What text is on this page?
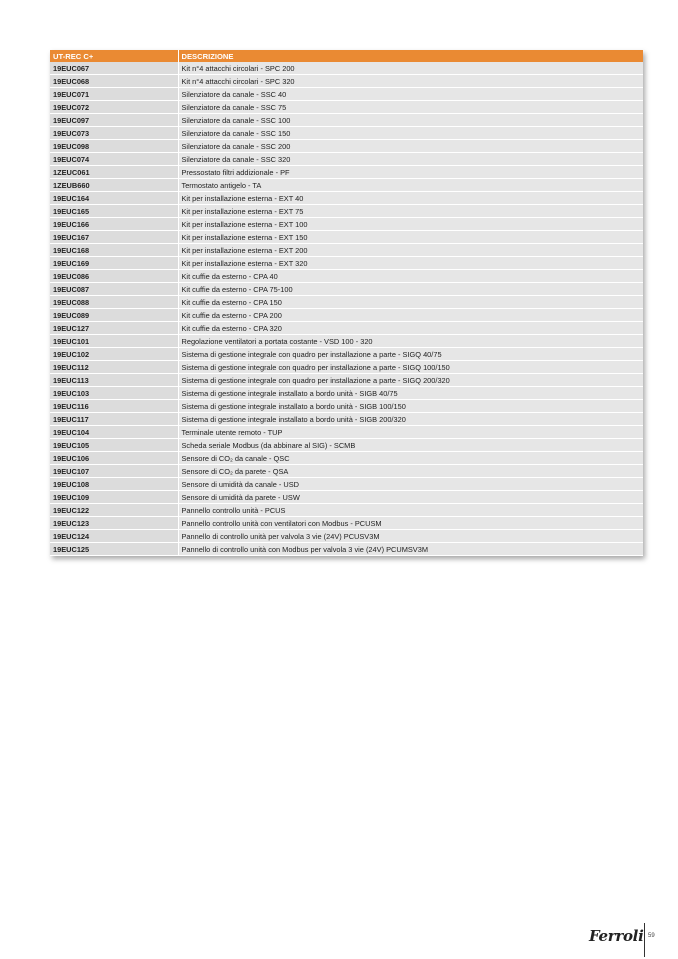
UT-REC C+	DESCRIZIONE
19EUC067	Kit n°4 attacchi circolari - SPC 200
19EUC068	Kit n°4 attacchi circolari - SPC 320
19EUC071	Silenziatore da canale - SSC 40
19EUC072	Silenziatore da canale - SSC 75
19EUC097	Silenziatore da canale - SSC 100
19EUC073	Silenziatore da canale - SSC 150
19EUC098	Silenziatore da canale - SSC 200
19EUC074	Silenziatore da canale - SSC 320
1ZEUC061	Pressostato filtri addizionale - PF
1ZEUB660	Termostato antigelo - TA
19EUC164	Kit per installazione esterna - EXT 40
19EUC165	Kit per installazione esterna - EXT 75
19EUC166	Kit per installazione esterna - EXT 100
19EUC167	Kit per installazione esterna - EXT 150
19EUC168	Kit per installazione esterna - EXT 200
19EUC169	Kit per installazione esterna - EXT 320
19EUC086	Kit cuffie da esterno - CPA 40
19EUC087	Kit cuffie da esterno - CPA 75-100
19EUC088	Kit cuffie da esterno - CPA 150
19EUC089	Kit cuffie da esterno - CPA 200
19EUC127	Kit cuffie da esterno - CPA 320
19EUC101	Regolazione ventilatori a portata costante - VSD 100 - 320
19EUC102	Sistema di gestione integrale con quadro per installazione a parte - SIGQ 40/75
19EUC112	Sistema di gestione integrale con quadro per installazione a parte - SIGQ 100/150
19EUC113	Sistema di gestione integrale con quadro per installazione a parte - SIGQ 200/320
19EUC103	Sistema di gestione integrale installato a bordo unità - SIGB 40/75
19EUC116	Sistema di gestione integrale installato a bordo unità - SIGB 100/150
19EUC117	Sistema di gestione integrale installato a bordo unità - SIGB 200/320
19EUC104	Terminale utente remoto - TUP
19EUC105	Scheda seriale Modbus (da abbinare al SIG) - SCMB
19EUC106	Sensore di CO₂ da canale - QSC
19EUC107	Sensore di CO₂ da parete - QSA
19EUC108	Sensore di umidità da canale - USD
19EUC109	Sensore di umidità da parete - USW
19EUC122	Pannello controllo unità - PCUS
19EUC123	Pannello controllo unità con ventilatori con Modbus - PCUSM
19EUC124	Pannello di controllo unità per valvola 3 vie (24V) PCUSV3M
19EUC125	Pannello di controllo unità con Modbus per valvola 3 vie (24V) PCUMSV3M
Ferroli 59
